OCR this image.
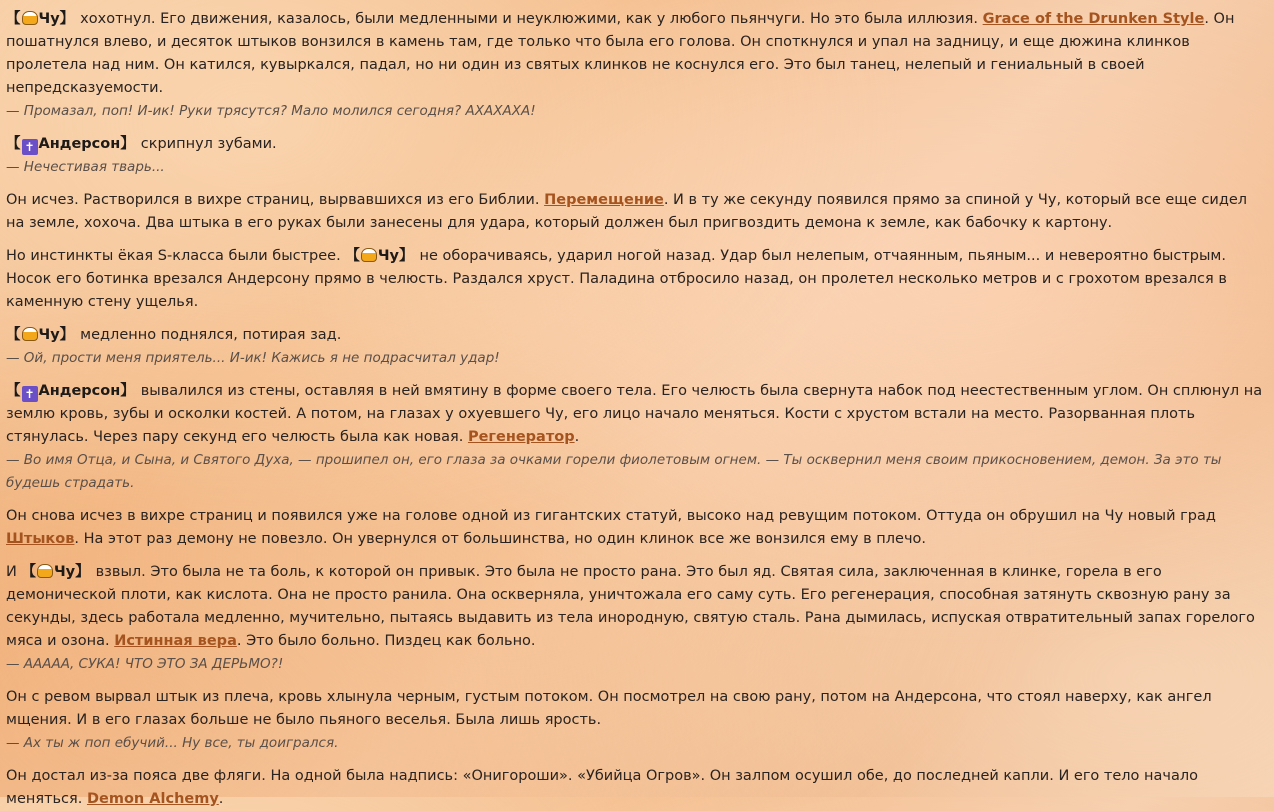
【 Чу】 хохотнул. Его движения, казалось, были медленными и неуклюжими, как у любого пьянчуги. Но это была иллюзия. Grace of the Drunken Style. Он пошатнулся влево, и десяток штыков вонзился в камень там, где только что была его голова. Он споткнулся и упал на задницу, и еще дюжина клинков пролетела над ним. Он катился, кувыркался, падал, но ни один из святых клинков не коснулся его. Это был танец, нелепый и гениальный в своей непредсказуемости.
— Промазал, поп! И-ик! Руки трясутся? Мало молился сегодня? АХАХАХА!

【 ✝ Андерсон】 скрипнул зубами.
— Нечестивая тварь...

Он исчез. Растворился в вихре страниц, вырвавшихся из его Библии. Перемещение. И в ту же секунду появился прямо за спиной у Чу, который все еще сидел на земле, хохоча. Два штыка в его руках были занесены для удара, который должен был пригвоздить демона к земле, как бабочку к картону.

Но инстинкты ёкая S-класса были быстрее. 【 Чу】 не оборачиваясь, ударил ногой назад. Удар был нелепым, отчаянным, пьяным... и невероятно быстрым. Носок его ботинка врезался Андерсону прямо в челюсть. Раздался хруст. Паладина отбросило назад, он пролетел несколько метров и с грохотом врезался в каменную стену ущелья.

【 Чу】 медленно поднялся, потирая зад.
— Ой, прости меня приятель... И-ик! Кажись я не подрасчитал удар!

【 ✝ Андерсон】 вывалился из стены, оставляя в ней вмятину в форме своего тела. Его челюсть была свернута набок под неестественным углом. Он сплюнул на землю кровь, зубы и осколки костей. А потом, на глазах у охуевшего Чу, его лицо начало меняться. Кости с хрустом встали на место. Разорванная плоть стянулась. Через пару секунд его челюсть была как новая. Регенератор.
— Во имя Отца, и Сына, и Святого Духа, — прошипел он, его глаза за очками горели фиолетовым огнем. — Ты осквернил меня своим прикосновением, демон. За это ты будешь страдать.

Он снова исчез в вихре страниц и появился уже на голове одной из гигантских статуй, высоко над ревущим потоком. Оттуда он обрушил на Чу новый град Штыков. На этот раз демону не повезло. Он увернулся от большинства, но один клинок все же вонзился ему в плечо.

И 【 Чу】 взвыл. Это была не та боль, к которой он привык. Это была не просто рана. Это был яд. Святая сила, заключенная в клинке, горела в его демонической плоти, как кислота. Она не просто ранила. Она оскверняла, уничтожала его саму суть. Его регенерация, способная затянуть сквозную рану за секунды, здесь работала медленно, мучительно, пытаясь выдавить из тела инородную, святую сталь. Рана дымилась, испуская отвратительный запах горелого мяса и озона. Истинная вера. Это было больно. Пиздец как больно.
— ААААА, СУКА! ЧТО ЭТО ЗА ДЕРЬМО?!

Он с ревом вырвал штык из плеча, кровь хлынула черным, густым потоком. Он посмотрел на свою рану, потом на Андерсона, что стоял наверху, как ангел мщения. И в его глазах больше не было пьяного веселья. Была лишь ярость.
— Ах ты ж поп ебучий... Ну все, ты доигрался.

Он достал из-за пояса две фляги. На одной была надпись: «Онигороши». «Убийца Огров». Он залпом осушил обе, до последней капли. И его тело начало меняться. Demon Alchemy.
